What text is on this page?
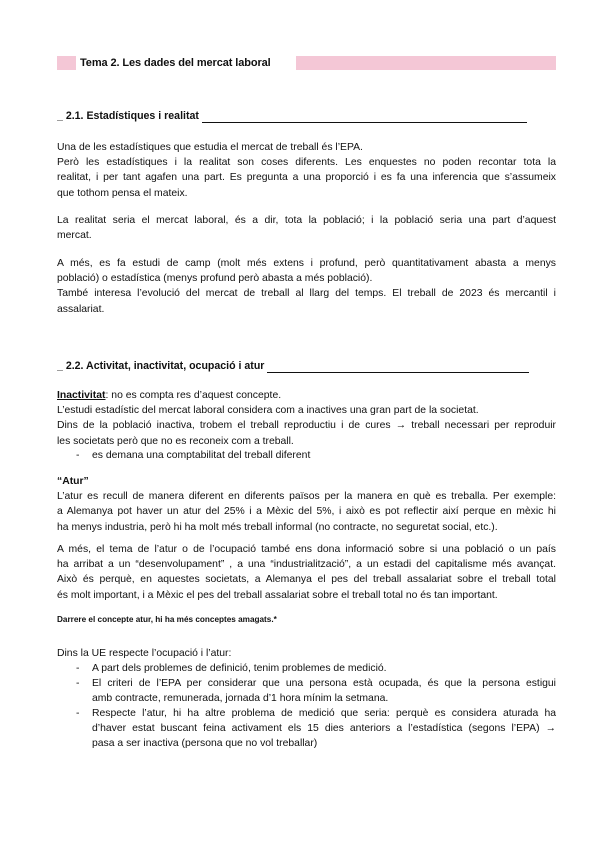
Tema 2. Les dades del mercat laboral
_ 2.1. Estadístiques i realitat

Una de les estadístiques que estudia el mercat de treball és l’EPA.
Però les estadístiques i la realitat son coses diferents. Les enquestes no poden recontar tota la
realitat, i per tant agafen una part. Es pregunta a una proporció i es fa una inferencia que s’assumeix
que tothom pensa el mateix.

La realitat seria el mercat laboral, és a dir, tota la població; i la població seria una part d’aquest
mercat.

A més, es fa estudi de camp (molt més extens i profund, però quantitativament abasta a menys
població) o estadística (menys profund però abasta a més població).
També interesa l’evolució del mercat de treball al llarg del temps. El treball de 2023 és mercantil i
assalariat.

_ 2.2. Activitat, inactivitat, ocupació i atur

Inactivitat: no es compta res d’aquest concepte.
L’estudi estadístic del mercat laboral considera com a inactives una gran part de la societat.
Dins de la població inactiva, trobem el treball reproductiu i de cures → treball necessari per reproduir
les societats però que no es reconeix com a treball.

- es demana una comptabilitat del treball diferent

“Atur”
L’atur es recull de manera diferent en diferents països per la manera en què es treballa. Per exemple:
a Alemanya pot haver un atur del 25% i a Mèxic del 5%, i això es pot reflectir així perque en mèxic hi
ha menys industria, però hi ha molt més treball informal (no contracte, no seguretat social, etc.).

A més, el tema de l’atur o de l’ocupació també ens dona informació sobre si una població o un país
ha arribat a un “desenvolupament” , a una “industrialització”, a un estadi del capitalisme més avançat.
Això és perquè, en aquestes societats, a Alemanya el pes del treball assalariat sobre el treball total
és molt important, i a Mèxic el pes del treball assalariat sobre el treball total no és tan important.

Darrere el concepte atur, hi ha més conceptes amagats.*

Dins la UE respecte l’ocupació i l’atur:

- A part dels problemes de definició, tenim problemes de medició.
- El criteri de l’EPA per considerar que una persona està ocupada, és que la persona estigui
amb contracte, remunerada, jornada d’1 hora mínim la setmana.
- Respecte l’atur, hi ha altre problema de medició que seria: perquè es considera aturada ha
d’haver estat buscant feina activament els 15 dies anteriors a l’estadística (segons l’EPA) →
pasa a ser inactiva (persona que no vol treballar)
